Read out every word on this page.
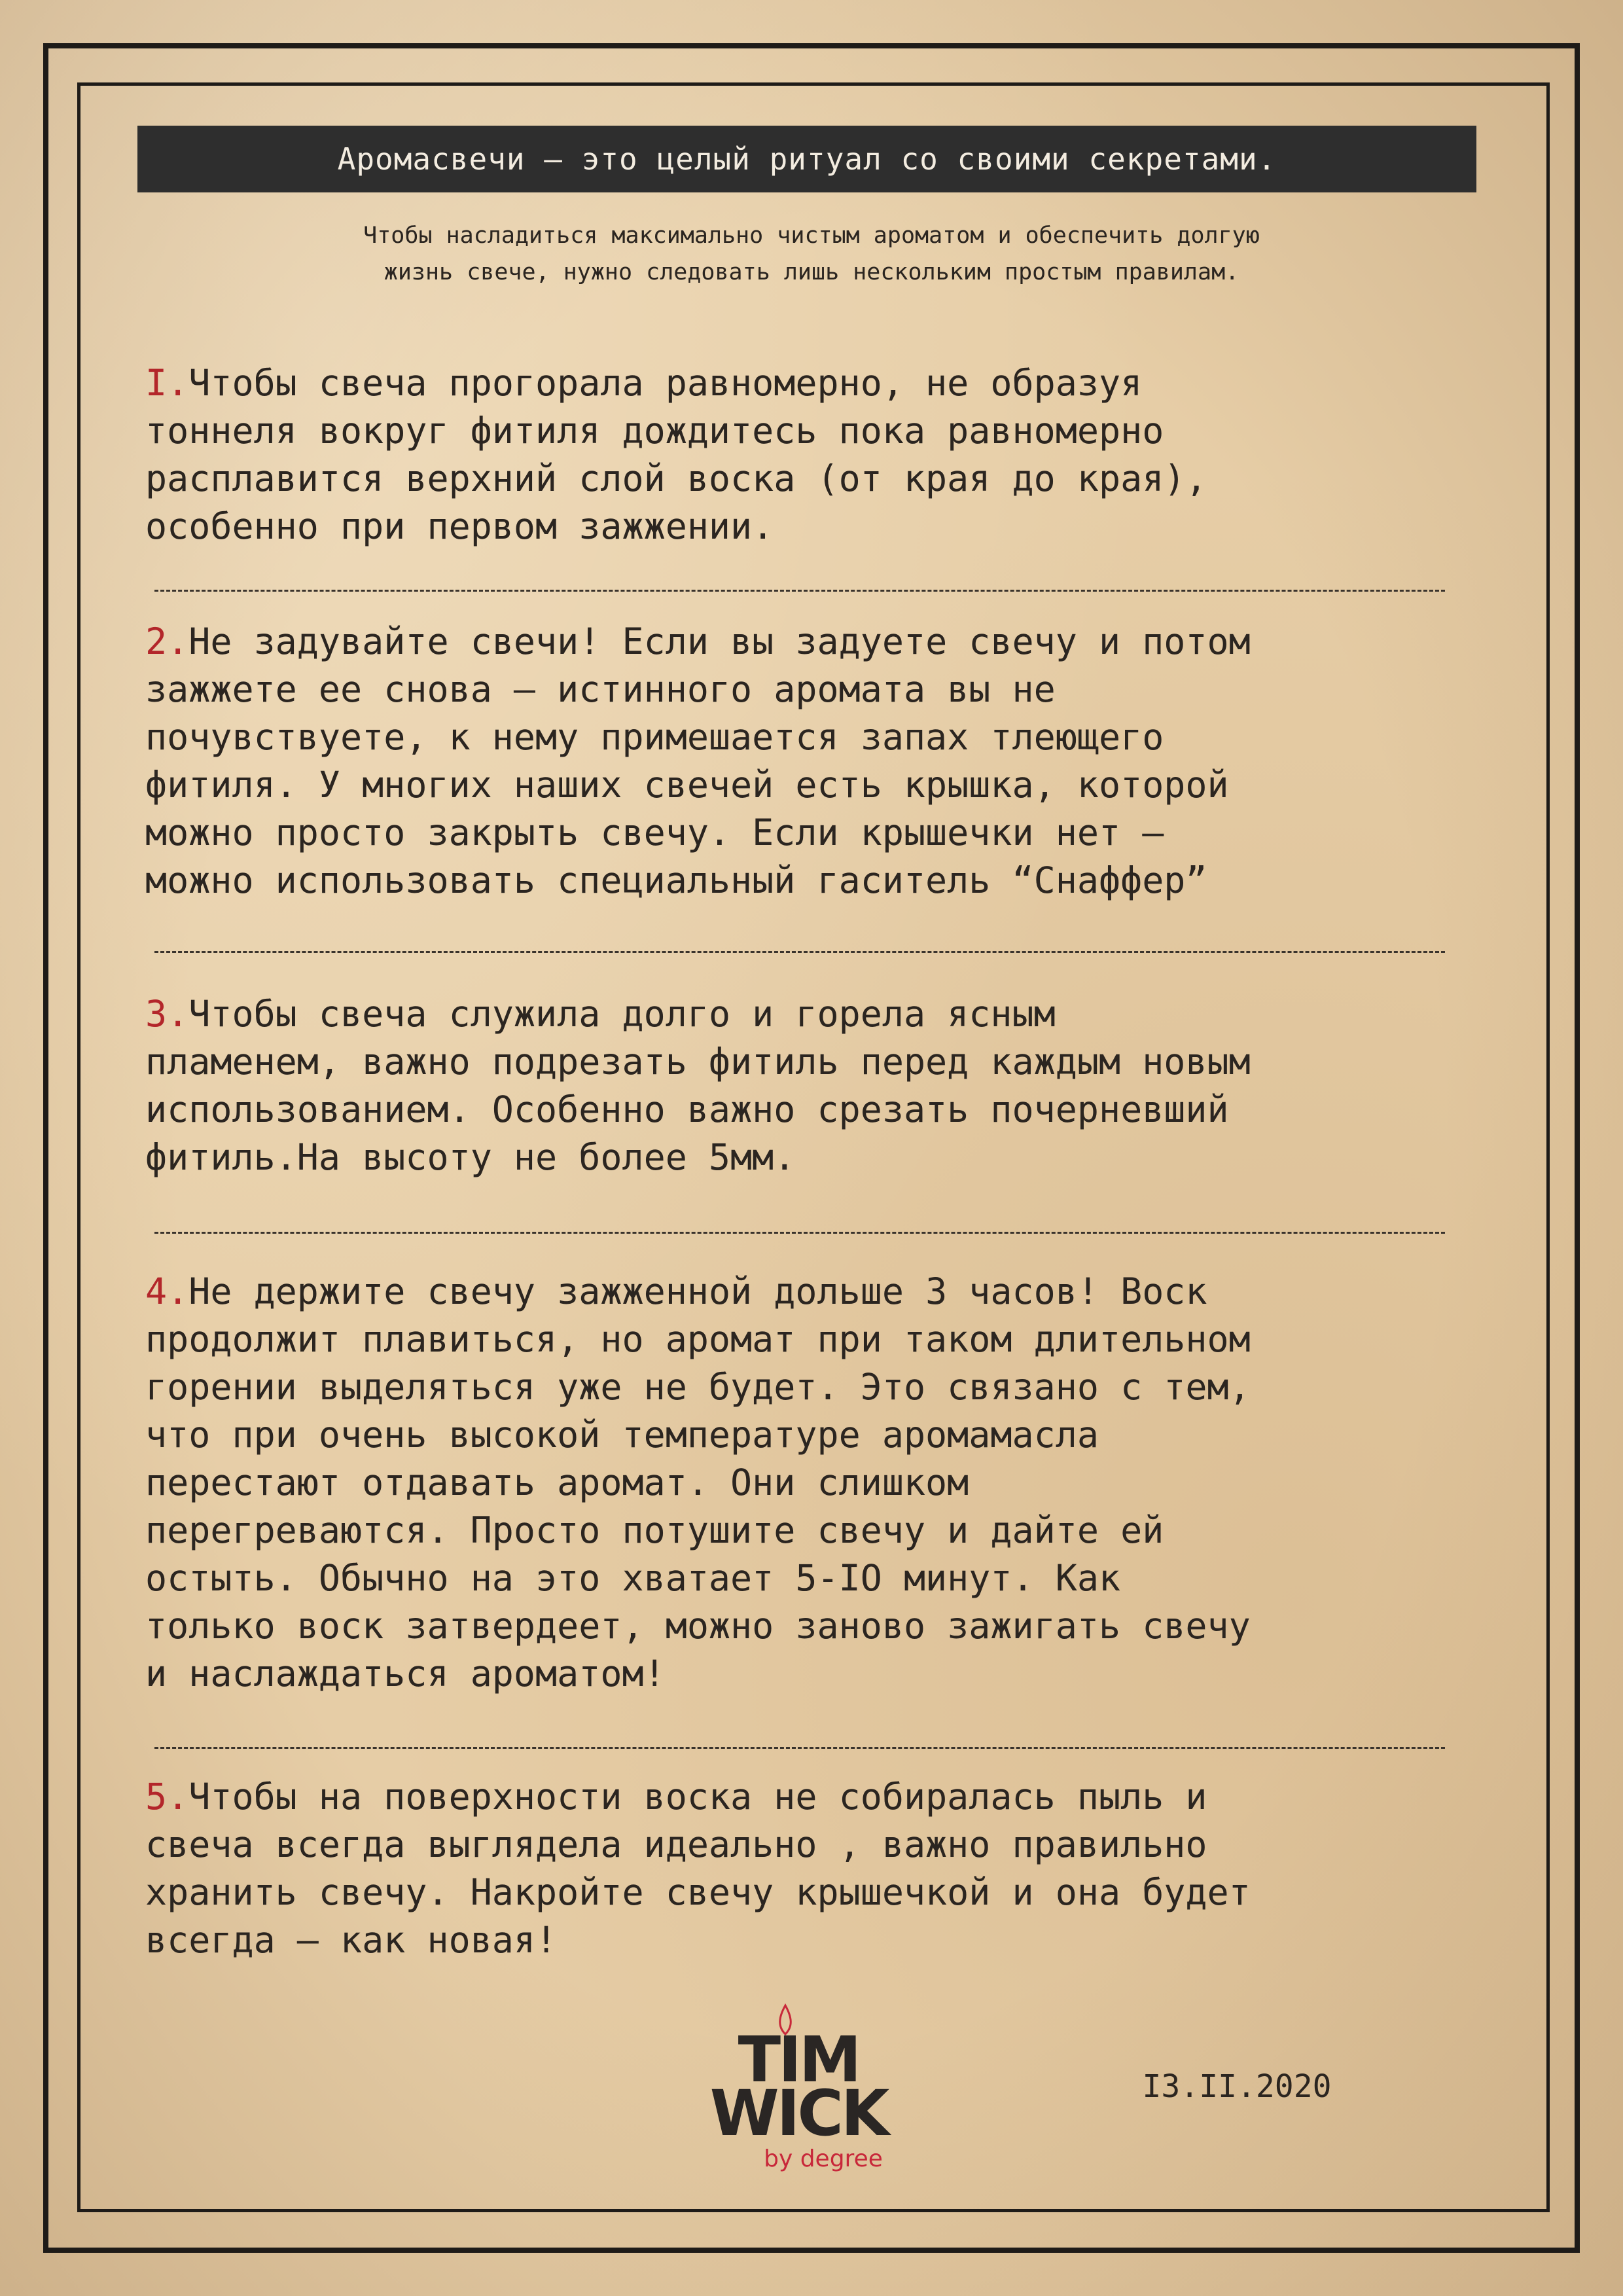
Аромасвечи — это целый ритуал со своими секретами.
Чтобы насладиться максимально чистым ароматом и обеспечить долгую
жизнь свече, нужно следовать лишь нескольким простым правилам.

I.Чтобы свеча прогорала равномерно, не образуя

тоннеля вокруг фитиля дождитесь пока равномерно

расплавится верхний слой воска (от края до края),

особенно при первом зажжении.

2.Не задувайте свечи! Если вы задуете свечу и потом

зажжете ее снова — истинного аромата вы не

почувствуете, к нему примешается запах тлеющего

фитиля. У многих наших свечей есть крышка, которой

можно просто закрыть свечу. Если крышечки нет —

можно использовать специальный гаситель “Снаффер”

3.Чтобы свеча служила долго и горела ясным

пламенем, важно подрезать фитиль перед каждым новым

использованием. Особенно важно срезать почерневший

фитиль.На высоту не более 5мм.

4.Не держите свечу зажженной дольше 3 часов! Воск

продолжит плавиться, но аромат при таком длительном

горении выделяться уже не будет. Это связано с тем,

что при очень высокой температуре аромамасла

перестают отдавать аромат. Они слишком

перегреваются. Просто потушите свечу и дайте ей

остыть. Обычно на это хватает 5-IO минут. Как

только воск затвердеет, можно заново зажигать свечу

и наслаждаться ароматом!

5.Чтобы на поверхности воска не собиралась пыль и

свеча всегда выглядела идеально , важно правильно

хранить свечу. Накройте свечу крышечкой и она будет

всегда — как новая!

TIM
WICK
by degree
I3.II.2020
